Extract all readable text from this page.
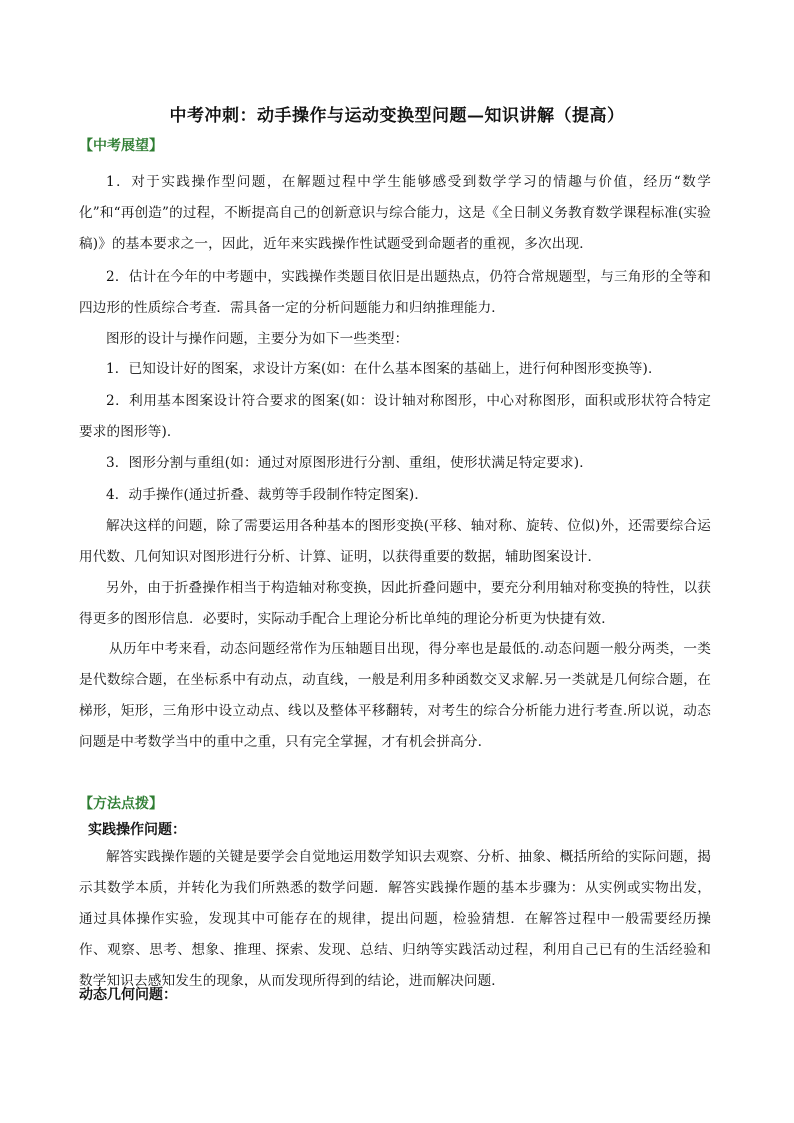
中考冲刺：动手操作与运动变换型问题—知识讲解（提高）
【中考展望】
1．对于实践操作型问题，在解题过程中学生能够感受到数学学习的情趣与价值，经历“数学化”和“再创造”的过程，不断提高自己的创新意识与综合能力，这是《全日制义务教育数学课程标准(实验稿)》的基本要求之一，因此，近年来实践操作性试题受到命题者的重视，多次出现．
2．估计在今年的中考题中，实践操作类题目依旧是出题热点，仍符合常规题型，与三角形的全等和四边形的性质综合考查．需具备一定的分析问题能力和归纳推理能力．
图形的设计与操作问题，主要分为如下一些类型：
1．已知设计好的图案，求设计方案(如：在什么基本图案的基础上，进行何种图形变换等)．
2．利用基本图案设计符合要求的图案(如：设计轴对称图形，中心对称图形，面积或形状符合特定要求的图形等)．
3．图形分割与重组(如：通过对原图形进行分割、重组，使形状满足特定要求)．
4．动手操作(通过折叠、裁剪等手段制作特定图案)．
解决这样的问题，除了需要运用各种基本的图形变换(平移、轴对称、旋转、位似)外，还需要综合运用代数、几何知识对图形进行分析、计算、证明，以获得重要的数据，辅助图案设计．
另外，由于折叠操作相当于构造轴对称变换，因此折叠问题中，要充分利用轴对称变换的特性，以获得更多的图形信息．必要时，实际动手配合上理论分析比单纯的理论分析更为快捷有效．
从历年中考来看，动态问题经常作为压轴题目出现，得分率也是最低的.动态问题一般分两类，一类是代数综合题，在坐标系中有动点，动直线，一般是利用多种函数交叉求解.另一类就是几何综合题，在梯形，矩形，三角形中设立动点、线以及整体平移翻转，对考生的综合分析能力进行考查.所以说，动态问题是中考数学当中的重中之重，只有完全掌握，才有机会拼高分.
【方法点拨】
实践操作问题：
解答实践操作题的关键是要学会自觉地运用数学知识去观察、分析、抽象、概括所给的实际问题，揭示其数学本质，并转化为我们所熟悉的数学问题．解答实践操作题的基本步骤为：从实例或实物出发，通过具体操作实验，发现其中可能存在的规律，提出问题，检验猜想．在解答过程中一般需要经历操作、观察、思考、想象、推理、探索、发现、总结、归纳等实践活动过程，利用自己已有的生活经验和数学知识去感知发生的现象，从而发现所得到的结论，进而解决问题．
动态几何问题：
